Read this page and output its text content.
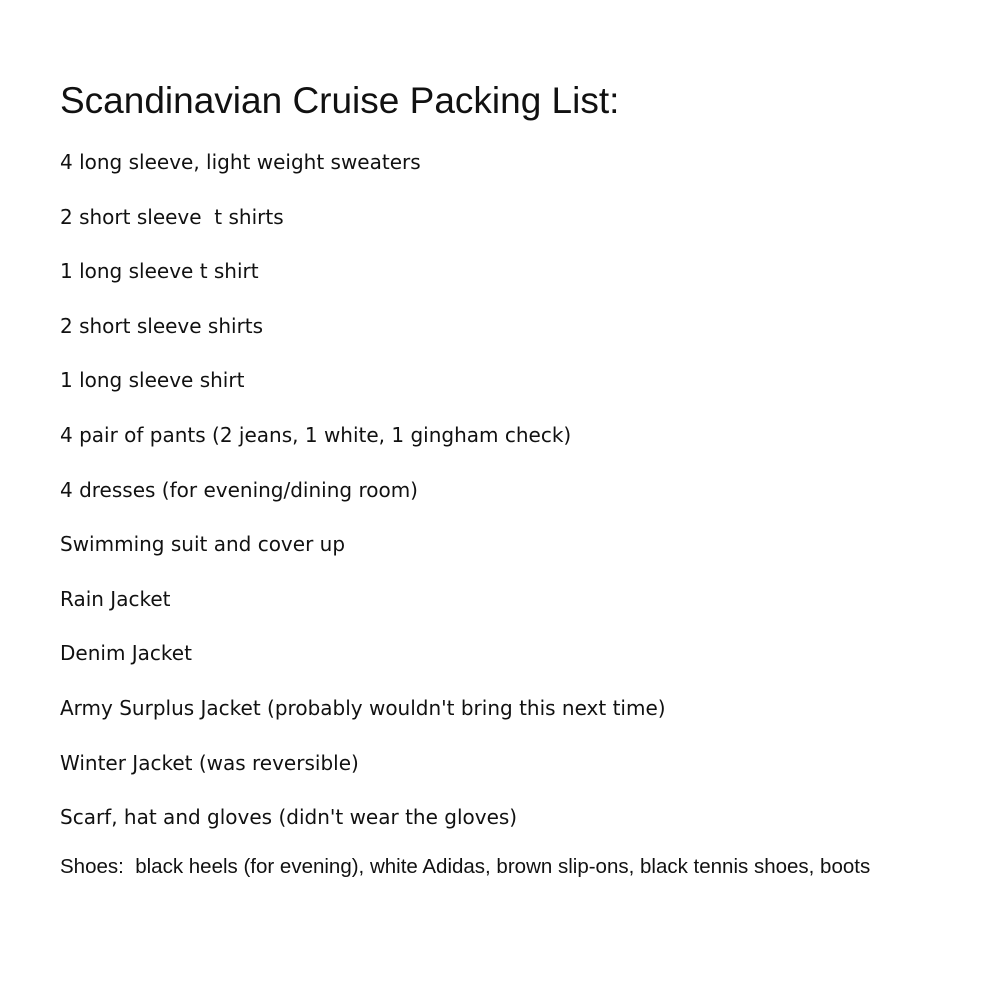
Scandinavian Cruise Packing List:
4 long sleeve, light weight sweaters
2 short sleeve  t shirts
1 long sleeve t shirt
2 short sleeve shirts
1 long sleeve shirt
4 pair of pants (2 jeans, 1 white, 1 gingham check)
4 dresses (for evening/dining room)
Swimming suit and cover up
Rain Jacket
Denim Jacket
Army Surplus Jacket (probably wouldn't bring this next time)
Winter Jacket (was reversible)
Scarf, hat and gloves (didn't wear the gloves)

Shoes:  black heels (for evening), white Adidas, brown slip-ons, black tennis shoes, boots
